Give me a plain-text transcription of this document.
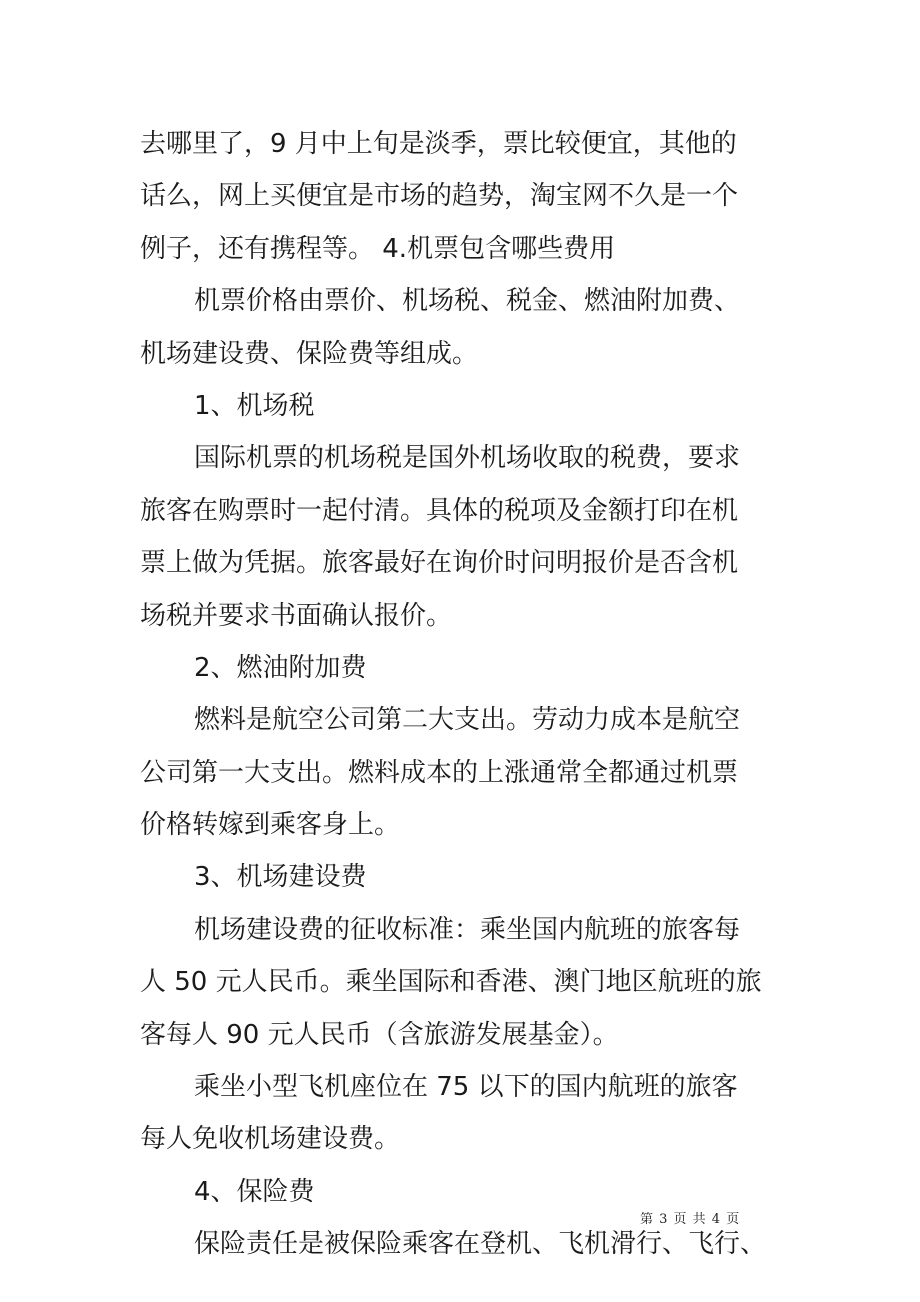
去哪里了，9 月中上旬是淡季，票比较便宜，其他的
话么，网上买便宜是市场的趋势，淘宝网不久是一个
例子，还有携程等。 4.机票包含哪些费用
机票价格由票价、机场税、税金、燃油附加费、
机场建设费、保险费等组成。
1、机场税
国际机票的机场税是国外机场收取的税费，要求
旅客在购票时一起付清。具体的税项及金额打印在机
票上做为凭据。旅客最好在询价时问明报价是否含机
场税并要求书面确认报价。
2、燃油附加费
燃料是航空公司第二大支出。劳动力成本是航空
公司第一大支出。燃料成本的上涨通常全都通过机票
价格转嫁到乘客身上。
3、机场建设费
机场建设费的征收标准：乘坐国内航班的旅客每
人 50 元人民币。乘坐国际和香港、澳门地区航班的旅
客每人 90 元人民币（含旅游发展基金）。
乘坐小型飞机座位在 75 以下的国内航班的旅客
每人免收机场建设费。
4、保险费
保险责任是被保险乘客在登机、飞机滑行、飞行、
第 3 页 共 4 页
